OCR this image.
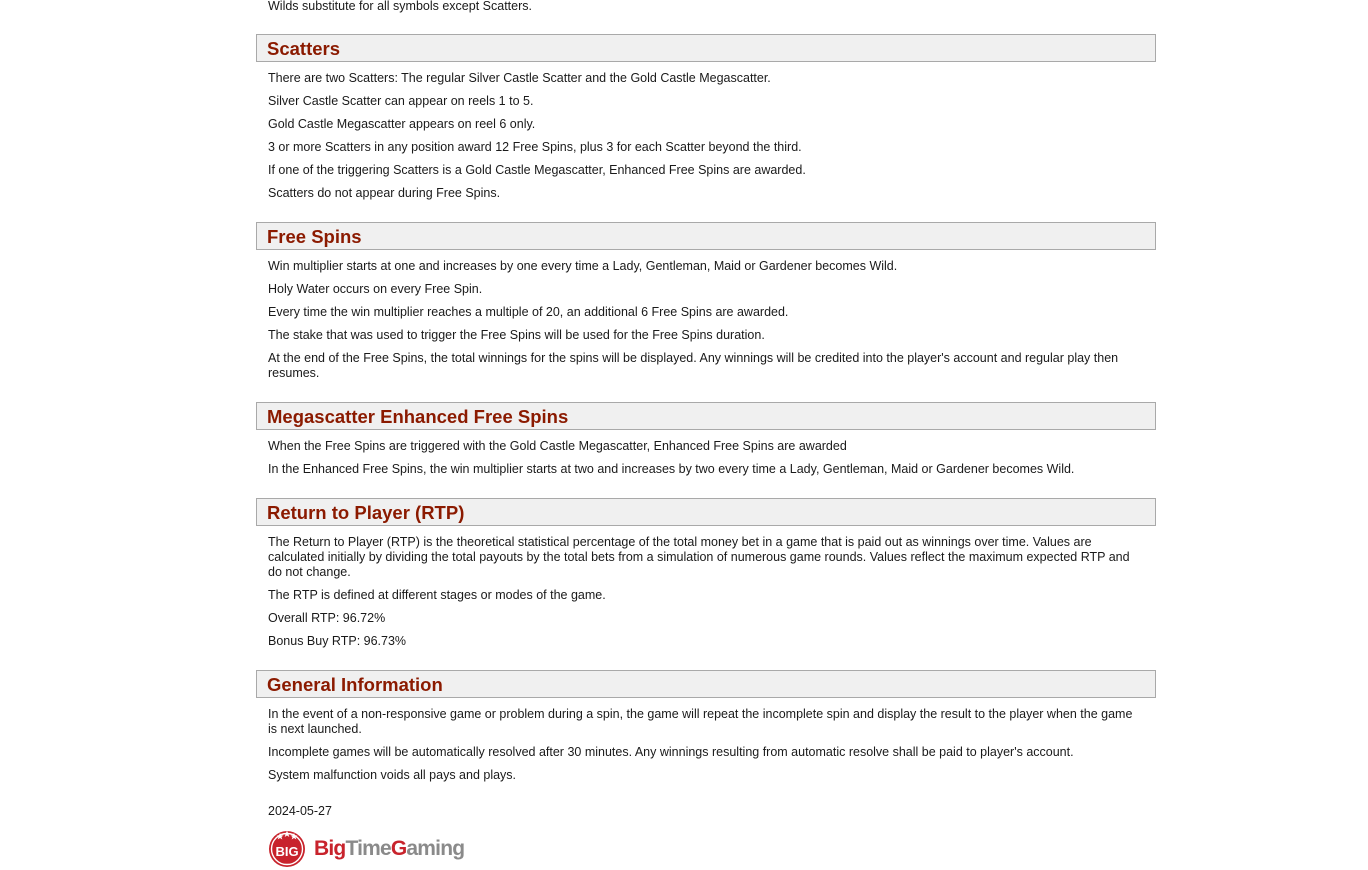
Wilds substitute for all symbols except Scatters.

Scatters

There are two Scatters: The regular Silver Castle Scatter and the Gold Castle Megascatter.

Silver Castle Scatter can appear on reels 1 to 5.

Gold Castle Megascatter appears on reel 6 only.

3 or more Scatters in any position award 12 Free Spins, plus 3 for each Scatter beyond the third.

If one of the triggering Scatters is a Gold Castle Megascatter, Enhanced Free Spins are awarded.

Scatters do not appear during Free Spins.

Free Spins

Win multiplier starts at one and increases by one every time a Lady, Gentleman, Maid or Gardener becomes Wild.

Holy Water occurs on every Free Spin.

Every time the win multiplier reaches a multiple of 20, an additional 6 Free Spins are awarded.

The stake that was used to trigger the Free Spins will be used for the Free Spins duration.

At the end of the Free Spins, the total winnings for the spins will be displayed. Any winnings will be credited into the player's account and regular play then resumes.

Megascatter Enhanced Free Spins

When the Free Spins are triggered with the Gold Castle Megascatter, Enhanced Free Spins are awarded

In the Enhanced Free Spins, the win multiplier starts at two and increases by two every time a Lady, Gentleman, Maid or Gardener becomes Wild.

Return to Player (RTP)

The Return to Player (RTP) is the theoretical statistical percentage of the total money bet in a game that is paid out as winnings over time. Values are calculated initially by dividing the total payouts by the total bets from a simulation of numerous game rounds. Values reflect the maximum expected RTP and do not change.

The RTP is defined at different stages or modes of the game.

Overall RTP: 96.72%

Bonus Buy RTP: 96.73%

General Information

In the event of a non-responsive game or problem during a spin, the game will repeat the incomplete spin and display the result to the player when the game is next launched.

Incomplete games will be automatically resolved after 30 minutes. Any winnings resulting from automatic resolve shall be paid to player's account.

System malfunction voids all pays and plays.

2024-05-27
BIG BigTimeGaming
